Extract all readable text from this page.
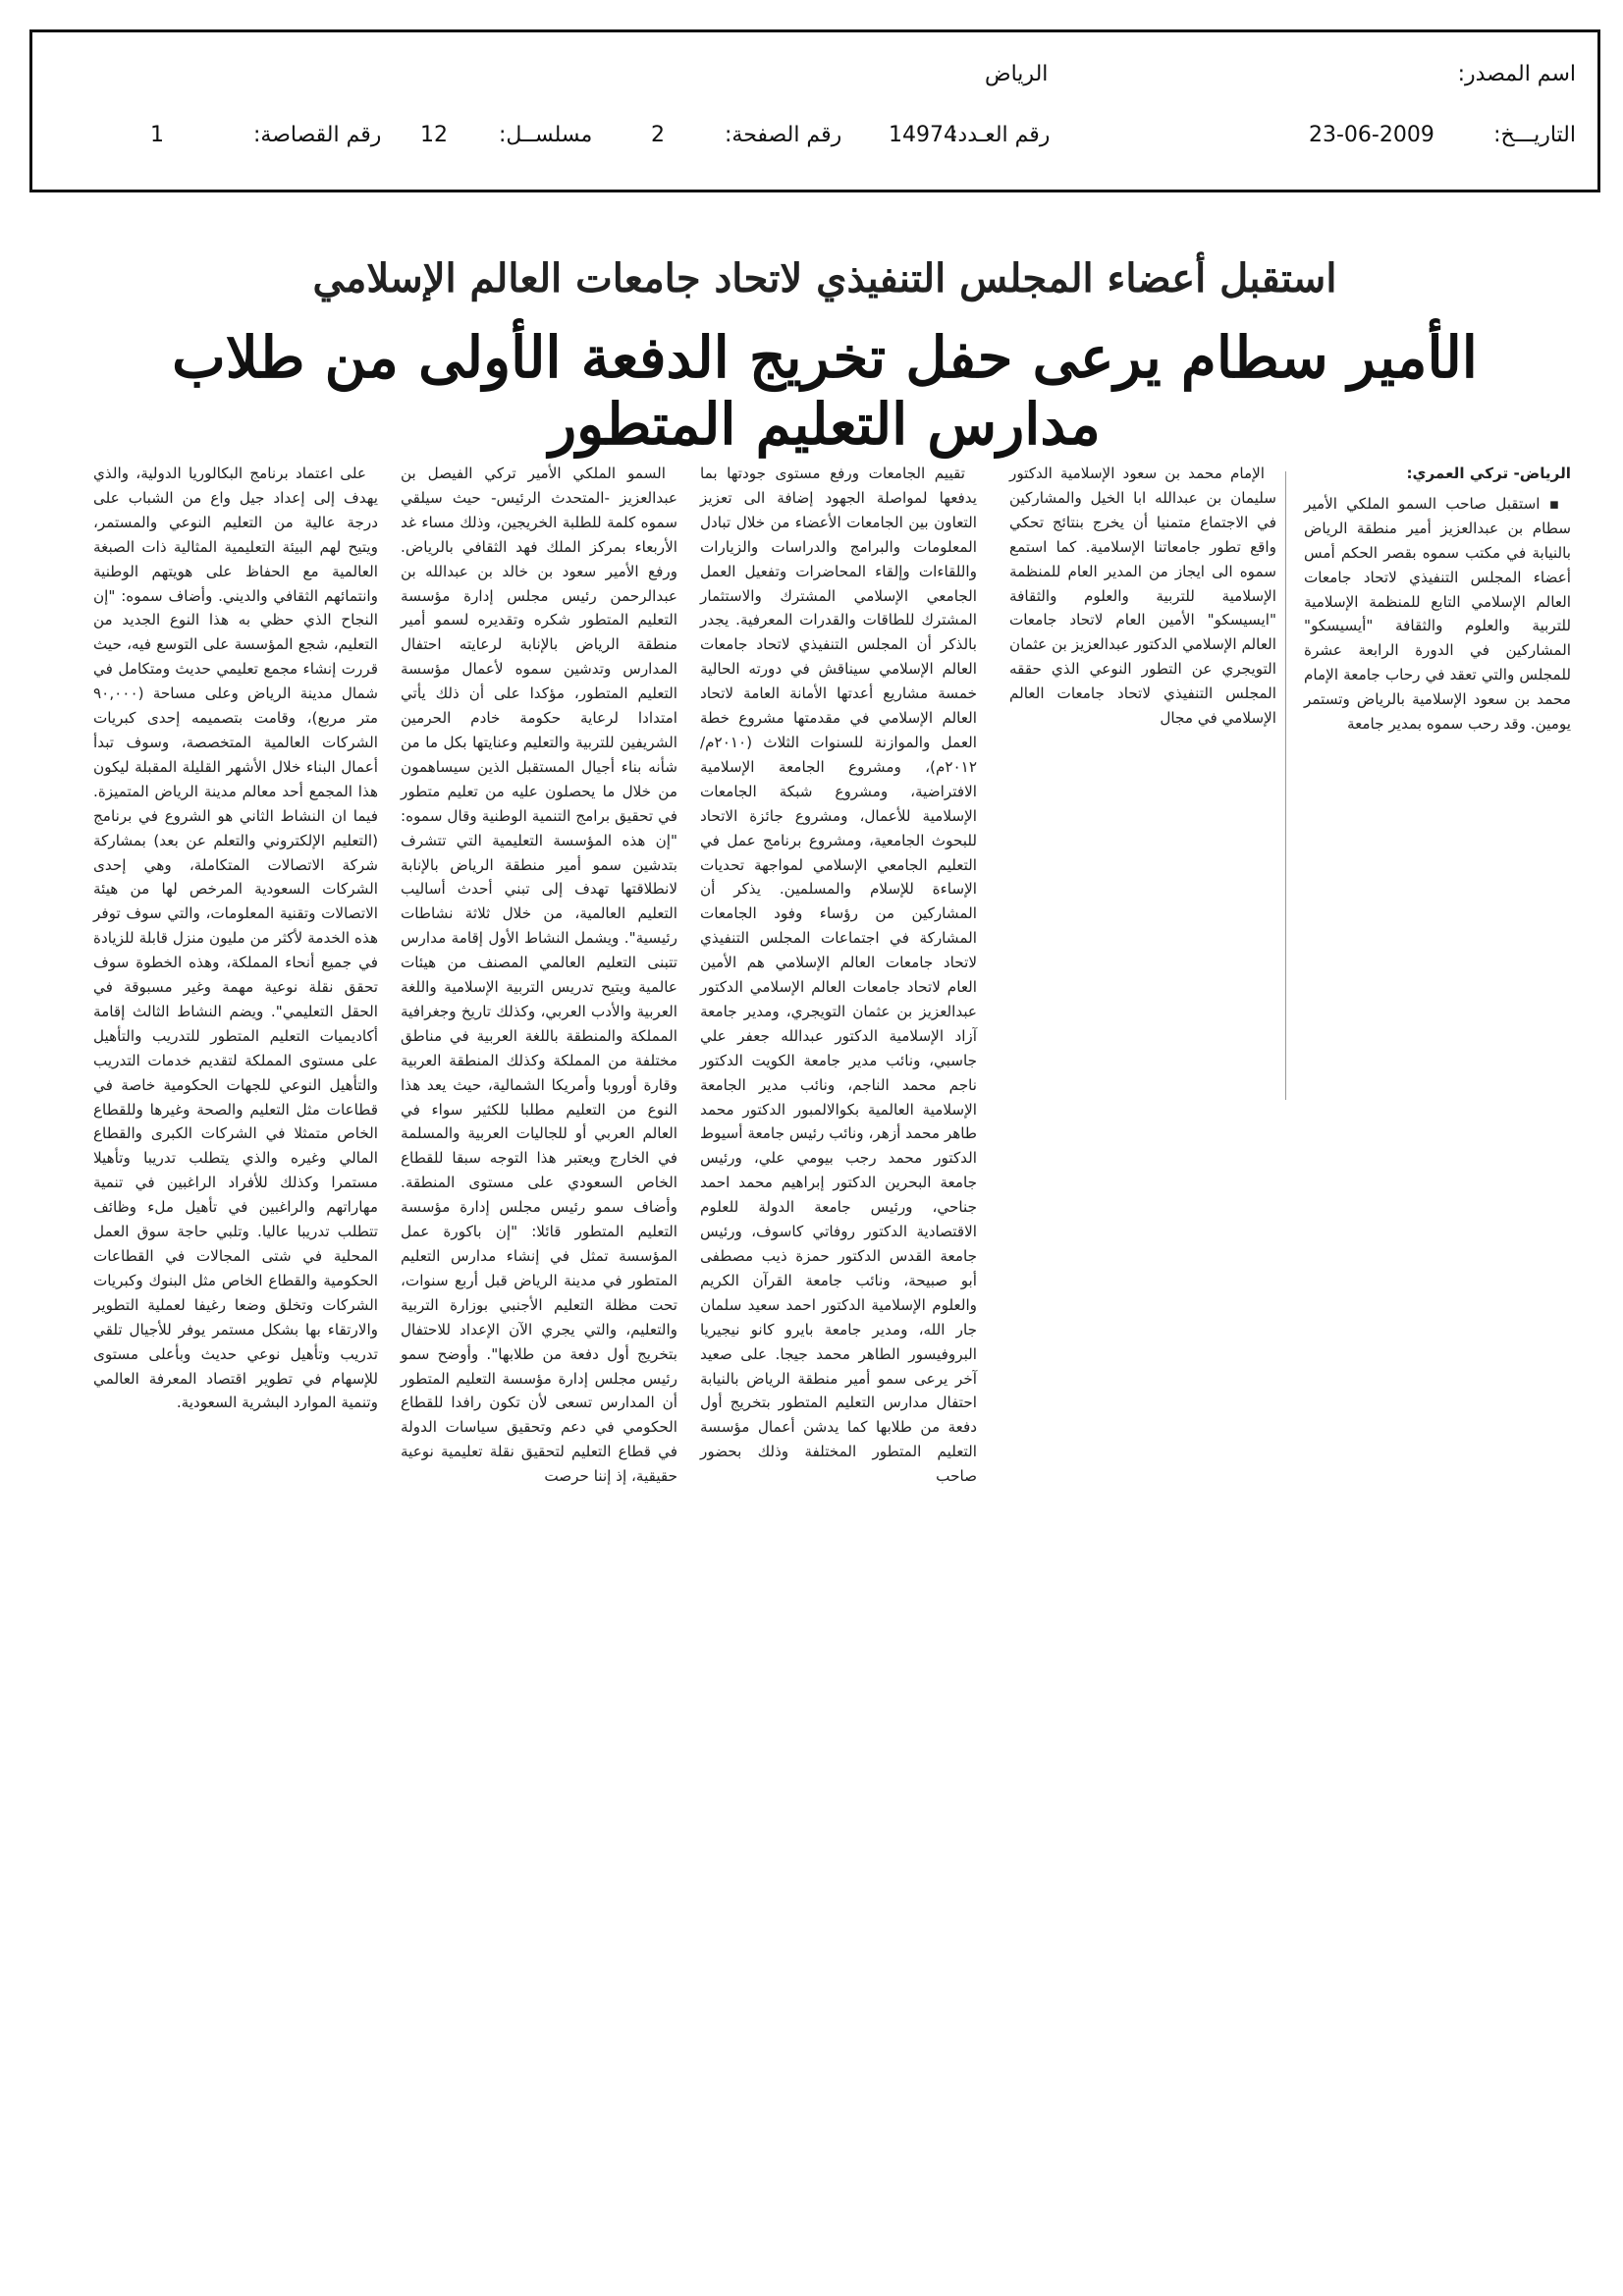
اسم المصدر:
الرياض
التاريـــخ:
23-06-2009
رقم العـدد:
14974
رقم الصفحة:
2
مسلســل:
12
رقم القصاصة:
1
استقبل أعضاء المجلس التنفيذي لاتحاد جامعات العالم الإسلامي
الأمير سطام يرعى حفل تخريج الدفعة الأولى من طلاب مدارس التعليم المتطور
الرياض- تركي العمري:

▪ استقبل صاحب السمو الملكي الأمير سطام بن عبدالعزيز أمير منطقة الرياض بالنيابة في مكتب سموه بقصر الحكم أمس أعضاء المجلس التنفيذي لاتحاد جامعات العالم الإسلامي التابع للمنظمة الإسلامية للتربية والعلوم والثقافة "أيسيسكو" المشاركين في الدورة الرابعة عشرة للمجلس والتي تعقد في رحاب جامعة الإمام محمد بن سعود الإسلامية بالرياض وتستمر يومين. وقد رحب سموه بمدير جامعة

الإمام محمد بن سعود الإسلامية الدكتور سليمان بن عبدالله ابا الخيل والمشاركين في الاجتماع متمنيا أن يخرج بنتائج تحكي واقع تطور جامعاتنا الإسلامية. كما استمع سموه الى ايجاز من المدير العام للمنظمة الإسلامية للتربية والعلوم والثقافة "ايسيسكو" الأمين العام لاتحاد جامعات العالم الإسلامي الدكتور عبدالعزيز بن عثمان التويجري عن التطور النوعي الذي حققه المجلس التنفيذي لاتحاد جامعات العالم الإسلامي في مجال

تقييم الجامعات ورفع مستوى جودتها بما يدفعها لمواصلة الجهود إضافة الى تعزيز التعاون بين الجامعات الأعضاء من خلال تبادل المعلومات والبرامج والدراسات والزيارات واللقاءات وإلقاء المحاضرات وتفعيل العمل الجامعي الإسلامي المشترك والاستثمار المشترك للطاقات والقدرات المعرفية. يجدر بالذكر أن المجلس التنفيذي لاتحاد جامعات العالم الإسلامي سيناقش في دورته الحالية خمسة مشاريع أعدتها الأمانة العامة لاتحاد العالم الإسلامي في مقدمتها مشروع خطة العمل والموازنة للسنوات الثلاث (٢٠١٠م/٢٠١٢م)، ومشروع الجامعة الإسلامية الافتراضية، ومشروع شبكة الجامعات الإسلامية للأعمال، ومشروع جائزة الاتحاد للبحوث الجامعية، ومشروع برنامج عمل في التعليم الجامعي الإسلامي لمواجهة تحديات الإساءة للإسلام والمسلمين. يذكر أن المشاركين من رؤساء وفود الجامعات المشاركة في اجتماعات المجلس التنفيذي لاتحاد جامعات العالم الإسلامي هم الأمين العام لاتحاد جامعات العالم الإسلامي الدكتور عبدالعزيز بن عثمان التويجري، ومدير جامعة آزاد الإسلامية الدكتور عبدالله جعفر علي جاسبي، ونائب مدير جامعة الكويت الدكتور ناجم محمد الناجم، ونائب مدير الجامعة الإسلامية العالمية بكوالالمبور الدكتور محمد طاهر محمد أزهر، ونائب رئيس جامعة أسيوط الدكتور محمد رجب بيومي علي، ورئيس جامعة البحرين الدكتور إبراهيم محمد احمد جناحي، ورئيس جامعة الدولة للعلوم الاقتصادية الدكتور روفاتي كاسوف، ورئيس جامعة القدس الدكتور حمزة ذيب مصطفى أبو صبيحة، ونائب جامعة القرآن الكريم والعلوم الإسلامية الدكتور احمد سعيد سلمان جار الله، ومدير جامعة بايرو كانو نيجيريا البروفيسور الطاهر محمد جيجا. على صعيد آخر يرعى سمو أمير منطقة الرياض بالنيابة احتفال مدارس التعليم المتطور بتخريج أول دفعة من طلابها كما يدشن أعمال مؤسسة التعليم المتطور المختلفة وذلك بحضور صاحب

السمو الملكي الأمير تركي الفيصل بن عبدالعزيز -المتحدث الرئيس- حيث سيلقي سموه كلمة للطلبة الخريجين، وذلك مساء غد الأربعاء بمركز الملك فهد الثقافي بالرياض. ورفع الأمير سعود بن خالد بن عبدالله بن عبدالرحمن رئيس مجلس إدارة مؤسسة التعليم المتطور شكره وتقديره لسمو أمير منطقة الرياض بالإنابة لرعايته احتفال المدارس وتدشين سموه لأعمال مؤسسة التعليم المتطور، مؤكدا على أن ذلك يأتي امتدادا لرعاية حكومة خادم الحرمين الشريفين للتربية والتعليم وعنايتها بكل ما من شأنه بناء أجيال المستقبل الذين سيساهمون من خلال ما يحصلون عليه من تعليم متطور في تحقيق برامج التنمية الوطنية وقال سموه: "إن هذه المؤسسة التعليمية التي تتشرف بتدشين سمو أمير منطقة الرياض بالإنابة لانطلاقتها تهدف إلى تبني أحدث أساليب التعليم العالمية، من خلال ثلاثة نشاطات رئيسية". ويشمل النشاط الأول إقامة مدارس تتبنى التعليم العالمي المصنف من هيئات عالمية ويتيح تدريس التربية الإسلامية واللغة العربية والأدب العربي، وكذلك تاريخ وجغرافية المملكة والمنطقة باللغة العربية في مناطق مختلفة من المملكة وكذلك المنطقة العربية وقارة أوروبا وأمريكا الشمالية، حيث يعد هذا النوع من التعليم مطلبا للكثير سواء في العالم العربي أو للجاليات العربية والمسلمة في الخارج ويعتبر هذا التوجه سبقا للقطاع الخاص السعودي على مستوى المنطقة. وأضاف سمو رئيس مجلس إدارة مؤسسة التعليم المتطور قائلا: "إن باكورة عمل المؤسسة تمثل في إنشاء مدارس التعليم المتطور في مدينة الرياض قبل أربع سنوات، تحت مظلة التعليم الأجنبي بوزارة التربية والتعليم، والتي يجري الآن الإعداد للاحتفال بتخريج أول دفعة من طلابها". وأوضح سمو رئيس مجلس إدارة مؤسسة التعليم المتطور أن المدارس تسعى لأن تكون رافدا للقطاع الحكومي في دعم وتحقيق سياسات الدولة في قطاع التعليم لتحقيق نقلة تعليمية نوعية حقيقية، إذ إننا حرصت

على اعتماد برنامج البكالوريا الدولية، والذي يهدف إلى إعداد جيل واع من الشباب على درجة عالية من التعليم النوعي والمستمر، ويتيح لهم البيئة التعليمية المثالية ذات الصبغة العالمية مع الحفاظ على هويتهم الوطنية وانتمائهم الثقافي والديني. وأضاف سموه: "إن النجاح الذي حظي به هذا النوع الجديد من التعليم، شجع المؤسسة على التوسع فيه، حيث قررت إنشاء مجمع تعليمي حديث ومتكامل في شمال مدينة الرياض وعلى مساحة (٩٠,٠٠٠ متر مربع)، وقامت بتصميمه إحدى كبريات الشركات العالمية المتخصصة، وسوف تبدأ أعمال البناء خلال الأشهر القليلة المقبلة ليكون هذا المجمع أحد معالم مدينة الرياض المتميزة. فيما ان النشاط الثاني هو الشروع في برنامج (التعليم الإلكتروني والتعلم عن بعد) بمشاركة شركة الاتصالات المتكاملة، وهي إحدى الشركات السعودية المرخص لها من هيئة الاتصالات وتقنية المعلومات، والتي سوف توفر هذه الخدمة لأكثر من مليون منزل قابلة للزيادة في جميع أنحاء المملكة، وهذه الخطوة سوف تحقق نقلة نوعية مهمة وغير مسبوقة في الحقل التعليمي". ويضم النشاط الثالث إقامة أكاديميات التعليم المتطور للتدريب والتأهيل على مستوى المملكة لتقديم خدمات التدريب والتأهيل النوعي للجهات الحكومية خاصة في قطاعات مثل التعليم والصحة وغيرها وللقطاع الخاص متمثلا في الشركات الكبرى والقطاع المالي وغيره والذي يتطلب تدريبا وتأهيلا مستمرا وكذلك للأفراد الراغبين في تنمية مهاراتهم والراغبين في تأهيل ملء وظائف تتطلب تدريبا عاليا. وتلبي حاجة سوق العمل المحلية في شتى المجالات في القطاعات الحكومية والقطاع الخاص مثل البنوك وكبريات الشركات وتخلق وضعا رغيفا لعملية التطوير والارتقاء بها بشكل مستمر يوفر للأجيال تلقي تدريب وتأهيل نوعي حديث وبأعلى مستوى للإسهام في تطوير اقتصاد المعرفة العالمي وتنمية الموارد البشرية السعودية.
